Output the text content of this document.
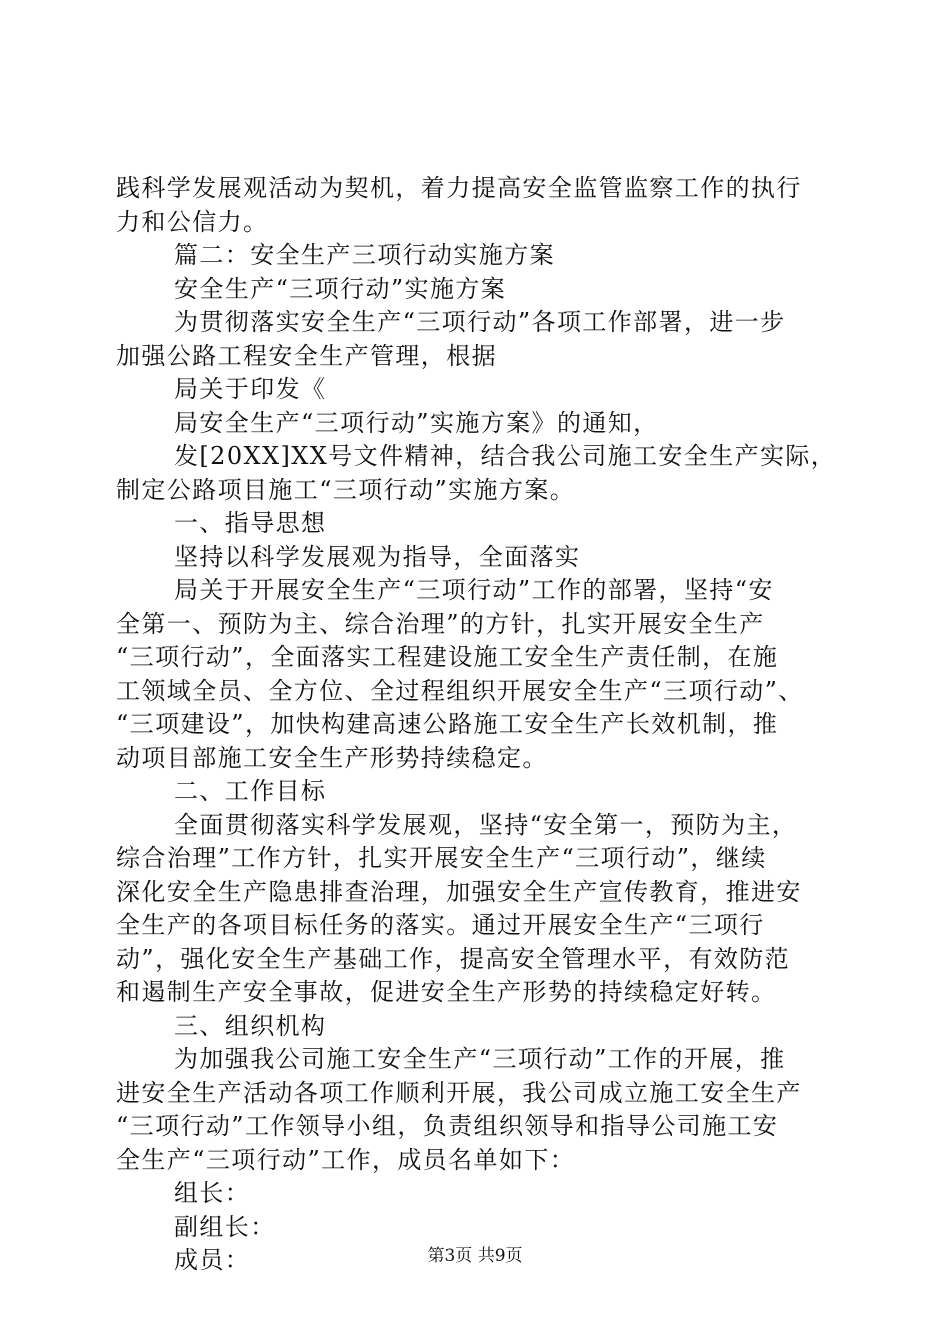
践科学发展观活动为契机，着力提高安全监管监察工作的执行
力和公信力。
篇二：安全生产三项行动实施方案
安全生产“三项行动”实施方案
为贯彻落实安全生产“三项行动”各项工作部署，进一步
加强公路工程安全生产管理，根据
局关于印发《
局安全生产“三项行动”实施方案》的通知，
发[20XX]XX号文件精神，结合我公司施工安全生产实际，
制定公路项目施工“三项行动”实施方案。
一、指导思想
坚持以科学发展观为指导，全面落实
局关于开展安全生产“三项行动”工作的部署，坚持“安
全第一、预防为主、综合治理”的方针，扎实开展安全生产
“三项行动”，全面落实工程建设施工安全生产责任制，在施
工领域全员、全方位、全过程组织开展安全生产“三项行动”、
“三项建设”，加快构建高速公路施工安全生产长效机制，推
动项目部施工安全生产形势持续稳定。
二、工作目标
全面贯彻落实科学发展观，坚持“安全第一，预防为主，
综合治理”工作方针，扎实开展安全生产“三项行动”，继续
深化安全生产隐患排查治理，加强安全生产宣传教育，推进安
全生产的各项目标任务的落实。通过开展安全生产“三项行
动”，强化安全生产基础工作，提高安全管理水平，有效防范
和遏制生产安全事故，促进安全生产形势的持续稳定好转。
三、组织机构
为加强我公司施工安全生产“三项行动”工作的开展，推
进安全生产活动各项工作顺利开展，我公司成立施工安全生产
“三项行动”工作领导小组，负责组织领导和指导公司施工安
全生产“三项行动”工作，成员名单如下：
组长：
副组长：
成员：	第3页 共9页
